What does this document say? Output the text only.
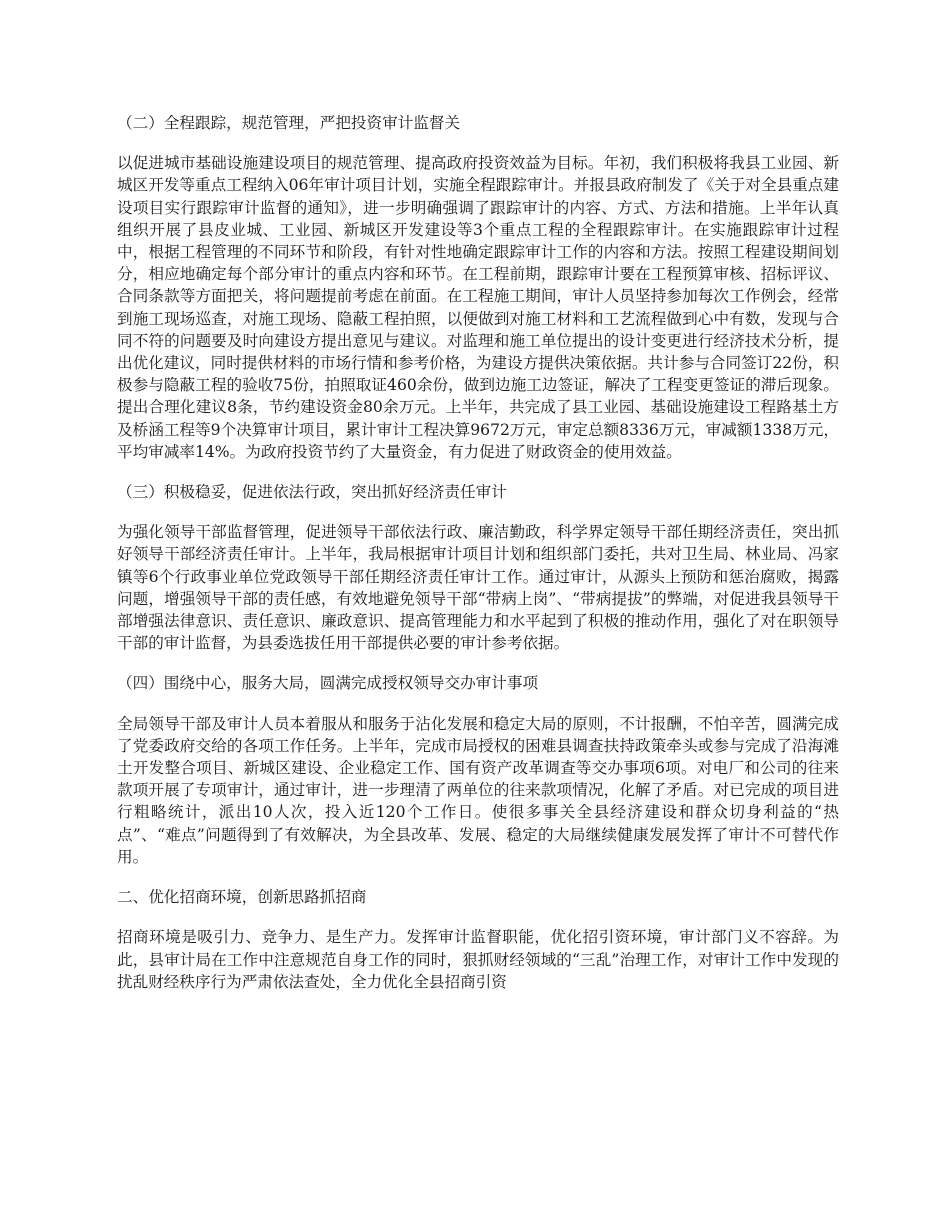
（二）全程跟踪，规范管理，严把投资审计监督关

以促进城市基础设施建设项目的规范管理、提高政府投资效益为目标。年初，我们积极将我县工业园、新城区开发等重点工程纳入06年审计项目计划，实施全程跟踪审计。并报县政府制发了《关于对全县重点建设项目实行跟踪审计监督的通知》，进一步明确强调了跟踪审计的内容、方式、方法和措施。上半年认真组织开展了县皮业城、工业园、新城区开发建设等3个重点工程的全程跟踪审计。在实施跟踪审计过程中，根据工程管理的不同环节和阶段，有针对性地确定跟踪审计工作的内容和方法。按照工程建设期间划分，相应地确定每个部分审计的重点内容和环节。在工程前期，跟踪审计要在工程预算审核、招标评议、合同条款等方面把关，将问题提前考虑在前面。在工程施工期间，审计人员坚持参加每次工作例会，经常到施工现场巡查，对施工现场、隐蔽工程拍照，以便做到对施工材料和工艺流程做到心中有数，发现与合同不符的问题要及时向建设方提出意见与建议。对监理和施工单位提出的设计变更进行经济技术分析，提出优化建议，同时提供材料的市场行情和参考价格，为建设方提供决策依据。共计参与合同签订22份，积极参与隐蔽工程的验收75份，拍照取证460余份，做到边施工边签证，解决了工程变更签证的滞后现象。提出合理化建议8条，节约建设资金80余万元。上半年，共完成了县工业园、基础设施建设工程路基土方及桥涵工程等9个决算审计项目，累计审计工程决算9672万元，审定总额8336万元，审减额1338万元，平均审减率14%。为政府投资节约了大量资金，有力促进了财政资金的使用效益。

（三）积极稳妥，促进依法行政，突出抓好经济责任审计

为强化领导干部监督管理，促进领导干部依法行政、廉洁勤政，科学界定领导干部任期经济责任，突出抓好领导干部经济责任审计。上半年，我局根据审计项目计划和组织部门委托，共对卫生局、林业局、冯家镇等6个行政事业单位党政领导干部任期经济责任审计工作。通过审计，从源头上预防和惩治腐败，揭露问题，增强领导干部的责任感，有效地避免领导干部“带病上岗”、“带病提拔”的弊端，对促进我县领导干部增强法律意识、责任意识、廉政意识、提高管理能力和水平起到了积极的推动作用，强化了对在职领导干部的审计监督，为县委选拔任用干部提供必要的审计参考依据。

（四）围绕中心，服务大局，圆满完成授权领导交办审计事项

全局领导干部及审计人员本着服从和服务于沾化发展和稳定大局的原则，不计报酬，不怕辛苦，圆满完成了党委政府交给的各项工作任务。上半年，完成市局授权的困难县调查扶持政策牵头或参与完成了沿海滩土开发整合项目、新城区建设、企业稳定工作、国有资产改革调查等交办事项6项。对电厂和公司的往来款项开展了专项审计，通过审计，进一步理清了两单位的往来款项情况，化解了矛盾。对已完成的项目进行粗略统计，派出10人次，投入近120个工作日。使很多事关全县经济建设和群众切身利益的“热点”、“难点”问题得到了有效解决，为全县改革、发展、稳定的大局继续健康发展发挥了审计不可替代作用。

二、优化招商环境，创新思路抓招商

招商环境是吸引力、竞争力、是生产力。发挥审计监督职能，优化招引资环境，审计部门义不容辞。为此，县审计局在工作中注意规范自身工作的同时，狠抓财经领域的“三乱”治理工作，对审计工作中发现的扰乱财经秩序行为严肃依法查处，全力优化全县招商引资
